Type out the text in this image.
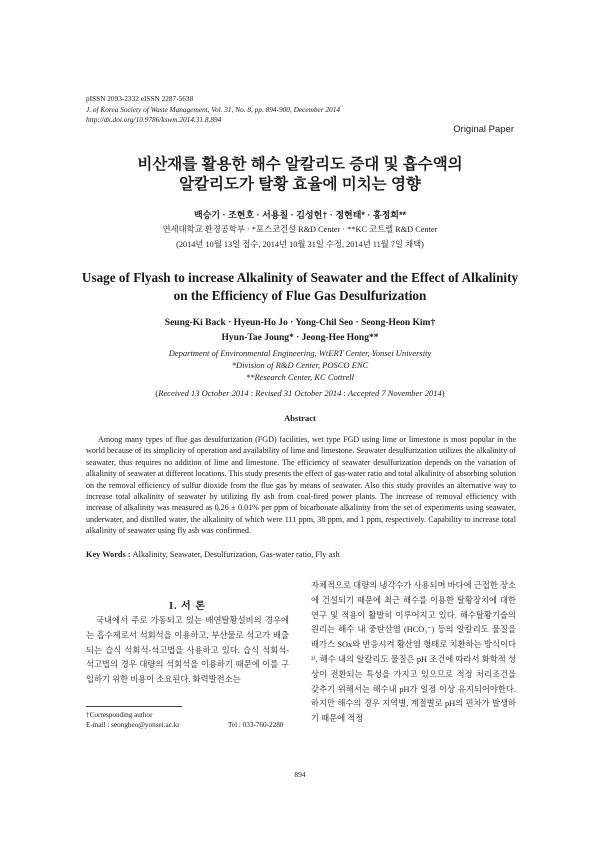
pISSN 2093-2332 eISSN 2287-5638
J. of Korea Society of Waste Management, Vol. 31, No. 8, pp. 894-900, December 2014
http://dx.doi.org/10.9786/kswm.2014.31.8.894
Original Paper
비산재를 활용한 해수 알칼리도 증대 및 흡수액의
알칼리도가 탈황 효율에 미치는 영향
백승기 · 조현호 · 서용칠 · 김성헌† · 정현태* · 홍정희**
연세대학교 환경공학부 · *포스코건설 R&D Center · **KC 코트렐 R&D Center
(2014년 10월 13일 접수, 2014년 10월 31일 수정, 2014년 11월 7일 채택)
Usage of Flyash to increase Alkalinity of Seawater and the Effect of Alkalinity
on the Efficiency of Flue Gas Desulfurization
Seung-Ki Back · Hyeun-Ho Jo · Yong-Chil Seo · Seong-Heon Kim†
Hyun-Tae Joung* · Jeong-Hee Hong**
Department of Environmental Engineering, WtERT Center, Yonsei University
*Division of R&D Center, POSCO ENC
**Research Center, KC Cottrell
(Received 13 October 2014 : Revised 31 October 2014 : Accepted 7 November 2014)
Abstract

Among many types of flue gas desulfurization (FGD) facilities, wet type FGD using lime or limestone is most popular in the world because of its simplicity of operation and availability of lime and limestone. Seawater desulfurization utilizes the alkalinity of seawater, thus requires no addition of lime and limestone. The efficiency of seawater desulfurization depends on the variation of alkalinity of seawater at different locations. This study presents the effect of gas-water ratio and total alkalinity of absorbing solution on the removal efficiency of sulfur dioxide from the flue gas by means of seawater. Also this study provides an alternative way to increase total alkalinity of seawater by utilizing fly ash from coal-fired power plants. The increase of removal efficiency with increase of alkalinity was measured as 0.26 ± 0.01% per ppm of bicarbonate alkalinity from the set of experiments using seawater, underwater, and distilled water, the alkalinity of which were 111 ppm, 38 ppm, and 1 ppm, respectively. Capability to increase total alkalinity of seawater using fly ash was confirmed.

Key Words : Alkalinity, Seawater, Desulfurization, Gas-water ratio, Fly ash
I. 서 론

국내에서 주로 가동되고 있는 배연탈황설비의 경우에는 흡수제로서 석회석을 이용하고, 부산물로 석고가 배출되는 습식 석회석-석고법을 사용하고 있다. 습식 석회석-석고법의 경우 대량의 석회석을 이용하기 때문에 이를 구입하기 위한 비용이 소요된다. 화력발전소는

자체적으로 대량의 냉각수가 사용되며 바다에 근접한 장소에 건설되기 때문에 최근 해수를 이용한 탈황장치에 대한 연구 및 적용이 활발히 이루어지고 있다. 해수탈황기술의 원리는 해수 내 중탄산염 (HCO₃⁻) 등의 알칼리도 물질을 배가스 SOx와 반응시켜 황산염 형태로 치환하는 방식이다³⁾. 해수 내의 알칼리도 물질은 pH 조건에 따라서 화학적 성상이 전환되는 특성을 가지고 있으므로 적정 처리조건을 갖추기 위해서는 해수내 pH가 일정 이상 유지되어야한다. 하지만 해수의 경우 지역별, 계절별로 pH의 편차가 발생하기 때문에 적정

†Corresponding author
E-mail : seongheo@yonsei.ac.kr	Tel : 033-760-2280
894
